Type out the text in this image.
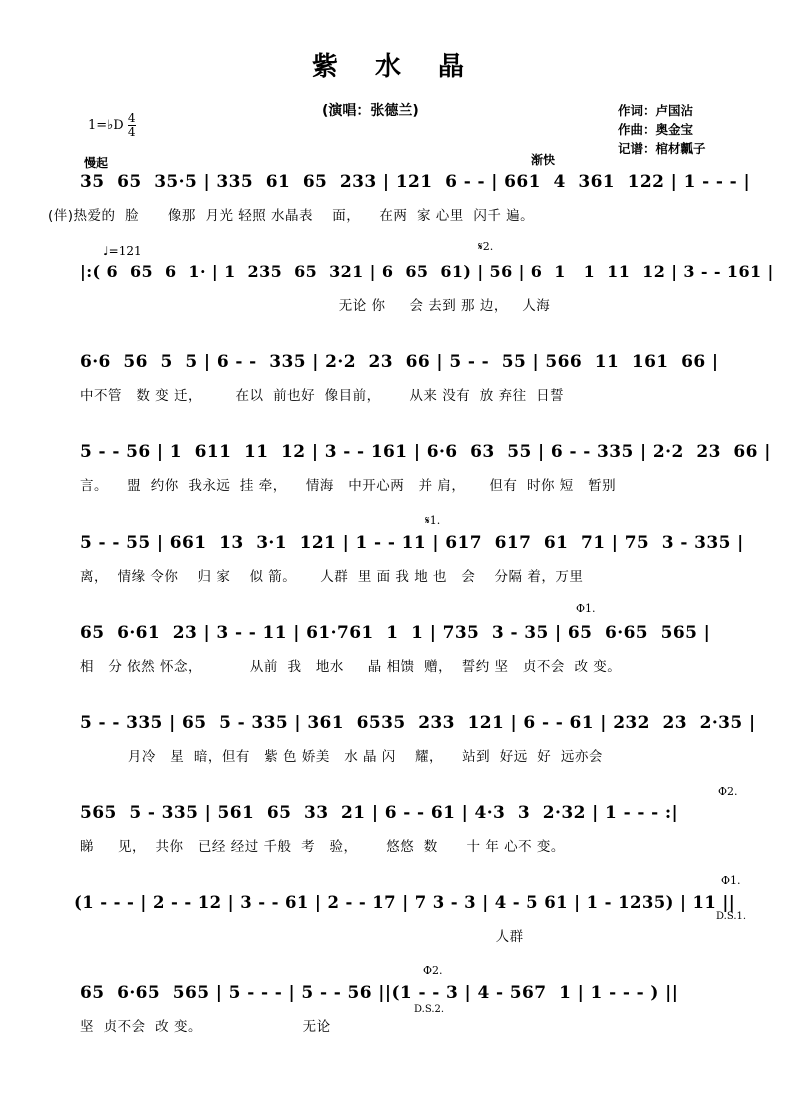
紫 水 晶
(演唱：张德兰)	作词：卢国沾
作曲：奥金宝
记谱：棺材瓤子
1=♭D $\frac{4}{4}$
慢起	渐快
♩=121	𝄋2.
𝄋1.
Φ1.
Φ2.
Φ1.
D.S.1.
Φ2.
D.S.2.
35  65  35·5 | 335  61  65  233 | 121  6 - - | 661  4  361  122 | 1 - - - |
(伴)热爱的  脸      像那  月光 轻照 水晶表    面，    在两  家 心里  闪千 遍。
|:( 6  65  6  1· | 1  235  65  321 | 6  65  61) | 56 | 6  1   1  11  12 | 3 - - 161 |
无论 你     会 去到 那 边，   人海
6·6  56  5  5 | 6 - -  335 | 2·2  23  66 | 5 - -  55 | 566  11  161  66 |
中不管   数 变 迁，       在以  前也好  像目前，      从来 没有  放 弃往  日誓
5 - - 56 | 1  611  11  12 | 3 - - 161 | 6·6  63  55 | 6 - - 335 | 2·2  23  66 |
言。    盟  约你  我永远  挂 牵，    情海   中开心两   并 肩，     但有  时你 短   暂别
5 - - 55 | 661  13  3·1  121 | 1 - - 11 | 617  617  61  71 | 75  3 - 335 |
离，  情缘 令你    归 家    似 箭。     人群  里 面 我 地 也   会    分隔 着，万里
65  6·61  23 | 3 - - 11 | 61·761  1  1 | 735  3 - 35 | 65  6·65  565 |
相   分 依然 怀念，          从前  我   地水     晶 相馈  赠，  誓约 坚   贞不会  改 变。
5 - - 335 | 65  5 - 335 | 361  6535  233  121 | 6 - - 61 | 232  23  2·35 |
月冷   星  暗，但有   紫 色 娇美   水 晶 闪    耀，    站到  好远  好  远亦会
565  5 - 335 | 561  65  33  21 | 6 - - 61 | 4·3  3  2·32 | 1 - - - :|
睇     见，  共你   已经 经过 千般  考   验，      悠悠  数      十 年 心不 变。
(1 - - - | 2 - - 12 | 3 - - 61 | 2 - - 17 | 7 3 - 3 | 4 - 5 61 | 1 - 1235) | 11 ||
人群
65  6·65  565 | 5 - - - | 5 - - 56 ||(1 - - 3 | 4 - 567  1 | 1 - - - ) ||
坚  贞不会  改 变。                     无论
